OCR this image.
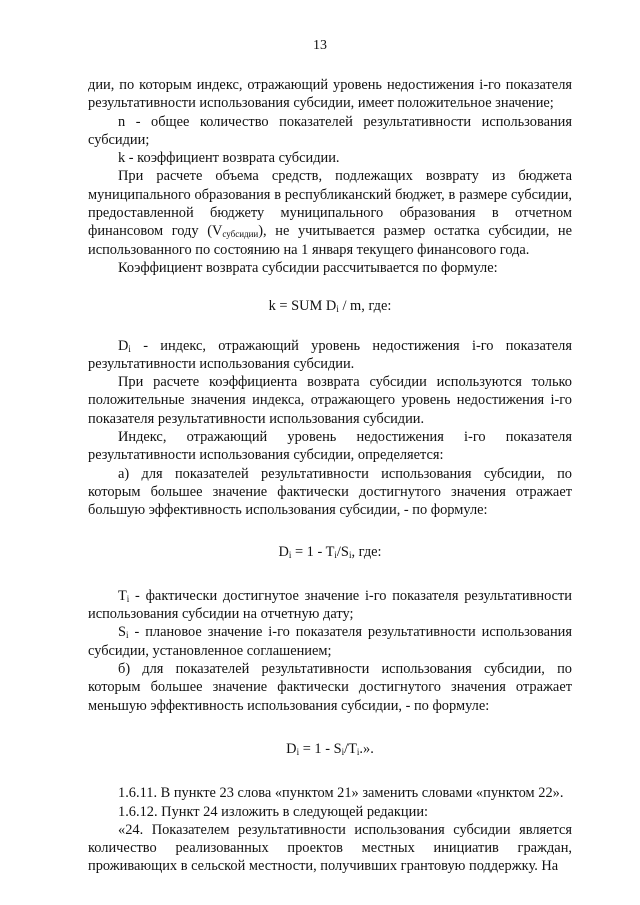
13

дии, по которым индекс, отражающий уровень недостижения i-го показателя результативности использования субсидии, имеет положительное значение;

n - общее количество показателей результативности использования субсидии;

k - коэффициент возврата субсидии.

При расчете объема средств, подлежащих возврату из бюджета муниципального образования в республиканский бюджет, в размере субсидии, предоставленной бюджету муниципального образования в отчетном финансовом году $(V_{субсидии})$, не учитывается размер остатка субсидии, не использованного по состоянию на 1 января текущего финансового года.

Коэффициент возврата субсидии рассчитывается по формуле:

k = SUM $D_i$ / m, где:

$D_i$ - индекс, отражающий уровень недостижения i-го показателя результативности использования субсидии.

При расчете коэффициента возврата субсидии используются только положительные значения индекса, отражающего уровень недостижения i-го показателя результативности использования субсидии.

Индекс, отражающий уровень недостижения i-го показателя результативности использования субсидии, определяется:

а) для показателей результативности использования субсидии, по которым большее значение фактически достигнутого значения отражает большую эффективность использования субсидии, - по формуле:

$D_i = 1 - T_i/S_i$, где:

$T_i$ - фактически достигнутое значение i-го показателя результативности использования субсидии на отчетную дату;

$S_i$ - плановое значение i-го показателя результативности использования субсидии, установленное соглашением;

б) для показателей результативности использования субсидии, по которым большее значение фактически достигнутого значения отражает меньшую эффективность использования субсидии, - по формуле:

$D_i = 1 - S_i/T_i$.».

1.6.11. В пункте 23 слова «пунктом 21» заменить словами «пунктом 22».

1.6.12. Пункт 24 изложить в следующей редакции:

«24. Показателем результативности использования субсидии является количество реализованных проектов местных инициатив граждан, проживающих в сельской местности, получивших грантовую поддержку. На
